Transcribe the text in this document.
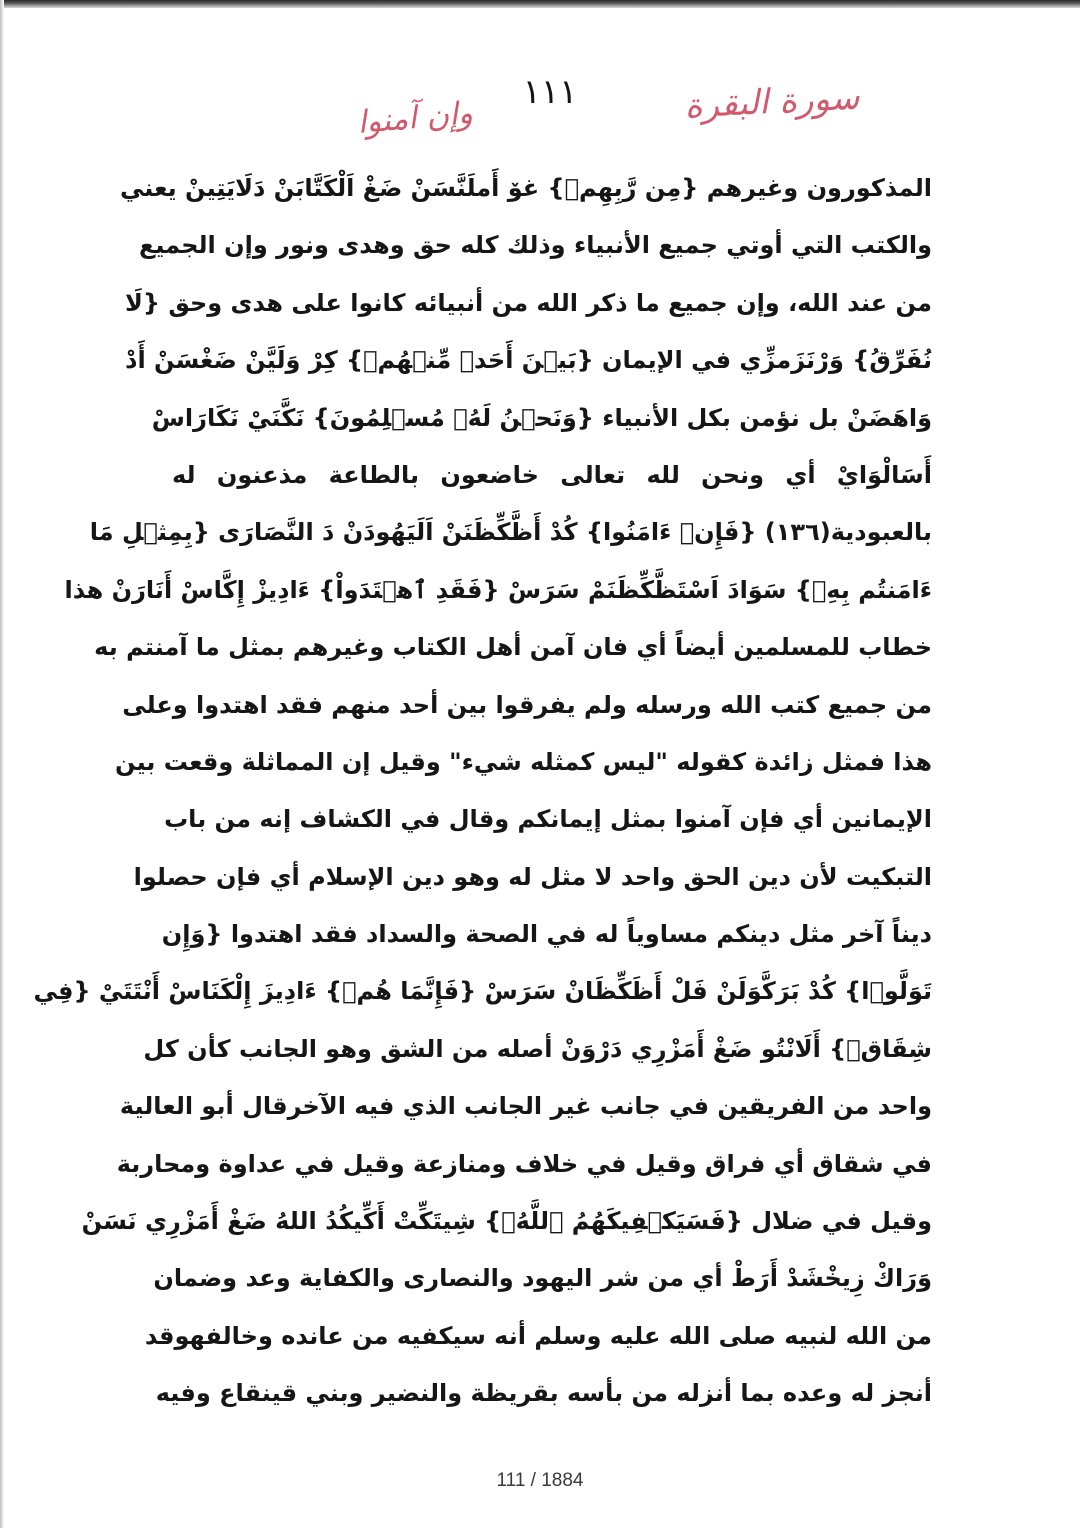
١١١	سورة البقرة
وإن آمنوا
المذكورون وغيرهم {مِن رَّبِهِمۡ} غۆ أَملَنَّسَنْ ضَغْ اَلْكَتَّابَنْ دَلَايَتِينْ يعني
والكتب التي أوتي جميع الأنبياء وذلك كله حق وهدى ونور وإن الجميع
من عند الله، وإن جميع ما ذكر الله من أنبيائه كانوا على هدى وحق {لَا
نُفَرِّقُ} وَرْنَزَمزِّي في الإيمان {بَيۡنَ أَحَدٖ مِّنۡهُمۡ} كِرْ وَلَيَّنْ ضَغْسَنْ أَدْ
وَاهَضَنْ بل نؤمن بكل الأنبياء {وَنَحۡنُ لَهُۥ مُسۡلِمُونَ} نَكَّنَيْ نَكَارَاسْ
أَسَالْوَايْ أي ونحن لله تعالى خاضعون بالطاعة مذعنون له
بالعبودية(١٣٦) {فَإِنۡ ءَامَنُوا} كُدْ أَظَّكِّظَنَنْ اَلَيَهُودَنْ دَ النَّصَارَى {بِمِثۡلِ مَا
ءَامَنتُم بِهِۦ} سَوَادَ اَسْتَظَّكِّظَنَمْ سَرَسْ {فَقَدِ ٱهۡتَدَواْ} ءَادِيزْ إِكَّاسْ أَنَارَنْ هذا
خطاب للمسلمين أيضاً أي فان آمن أهل الكتاب وغيرهم بمثل ما آمنتم به
من جميع كتب الله ورسله ولم يفرقوا بين أحد منهم فقد اهتدوا وعلى
هذا فمثل زائدة كقوله "ليس كمثله شيء" وقيل إن المماثلة وقعت بين
الإيمانين أي فإن آمنوا بمثل إيمانكم وقال في الكشاف إنه من باب
التبكيت لأن دين الحق واحد لا مثل له وهو دين الإسلام أي فإن حصلوا
ديناً آخر مثل دينكم مساوياً له في الصحة والسداد فقد اهتدوا {وَإِن
تَوَلَّوۡا} كُدْ بَرَكَّوَلَنْ فَلْ أَظَكِّظَانْ سَرَسْ {فَإِنَّمَا هُمۡ} ءَادِيزَ إِلْكَنَاسْ أَنْتَتَيْ {فِي
شِقَاقٖ} أَلَانْتُو ضَغْ أَمَزْرِي دَرْوَنْ أصله من الشق وهو الجانب كأن كل
واحد من الفريقين في جانب غير الجانب الذي فيه الآخرقال أبو العالية
في شقاق أي فراق وقيل في خلاف ومنازعة وقيل في عداوة ومحاربة
وقيل في ضلال {فَسَيَكۡفِيكَهُمُ ٱللَّهُۚ} شِيتَكِّتْ أَكِّيكُدُ اللهُ ضَغْ أَمَزْرِي نَسَنْ
وَرَاكْ زِيخْشَدْ أَرَطْ أي من شر اليهود والنصارى والكفاية وعد وضمان
من الله لنبيه صلى الله عليه وسلم أنه سيكفيه من عانده وخالفهوقد
أنجز له وعده بما أنزله من بأسه بقريظة والنضير وبني قينقاع وفيه
111 / 1884
